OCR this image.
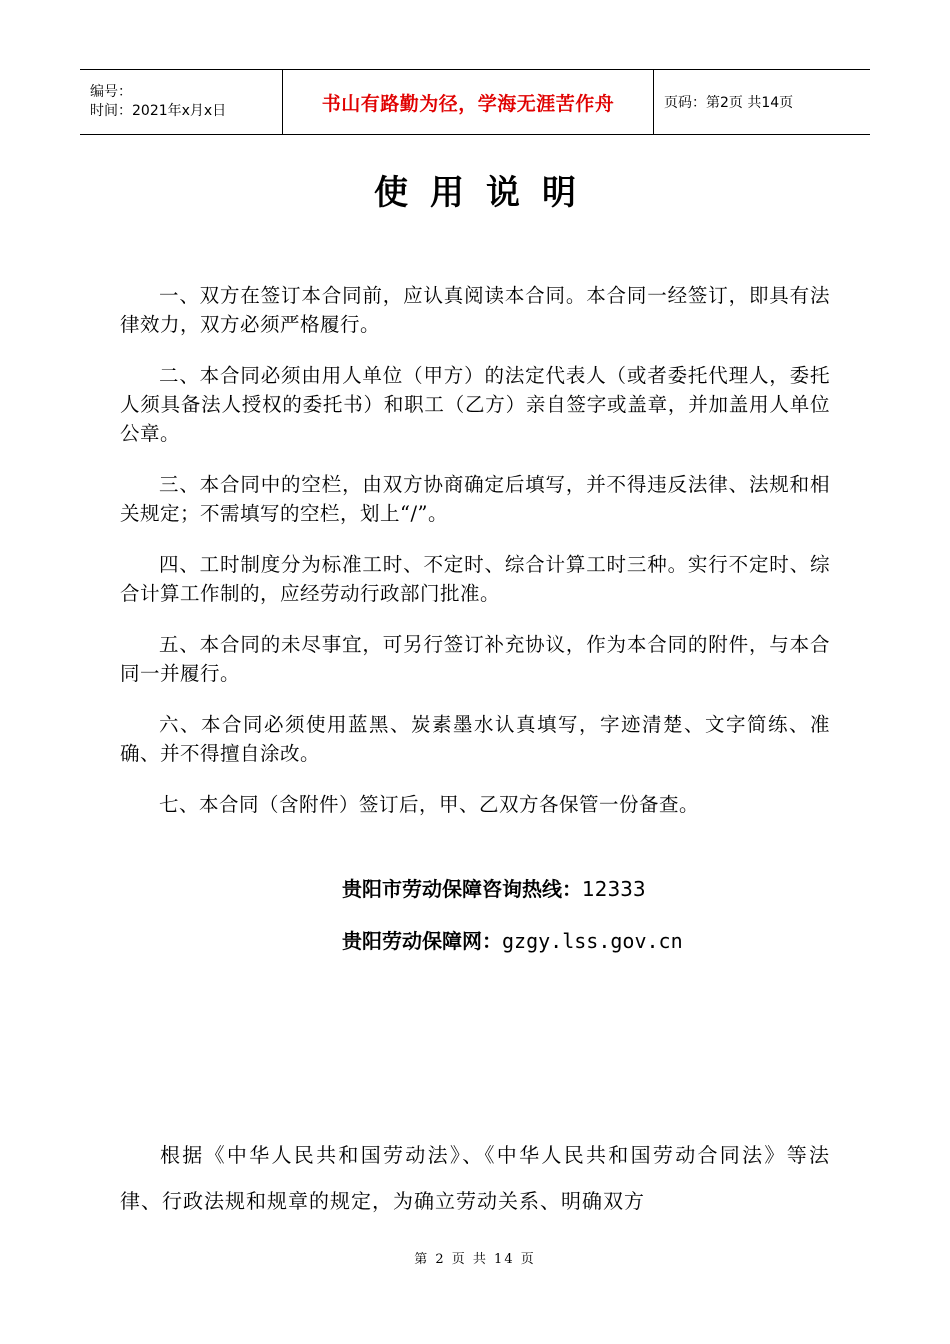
编号：
时间：2021年x月x日	书山有路勤为径，学海无涯苦作舟	页码：第2页 共14页
使用说明

一、双方在签订本合同前，应认真阅读本合同。本合同一经签订，即具有法律效力，双方必须严格履行。

二、本合同必须由用人单位（甲方）的法定代表人（或者委托代理人，委托人须具备法人授权的委托书）和职工（乙方）亲自签字或盖章，并加盖用人单位公章。

三、本合同中的空栏，由双方协商确定后填写，并不得违反法律、法规和相关规定；不需填写的空栏，划上“/”。

四、工时制度分为标准工时、不定时、综合计算工时三种。实行不定时、综合计算工作制的，应经劳动行政部门批准。

五、本合同的未尽事宜，可另行签订补充协议，作为本合同的附件，与本合同一并履行。

六、本合同必须使用蓝黑、炭素墨水认真填写，字迹清楚、文字简练、准确、并不得擅自涂改。

七、本合同（含附件）签订后，甲、乙双方各保管一份备查。

贵阳市劳动保障咨询热线：12333
贵阳劳动保障网：gzgy.lss.gov.cn
根据《中华人民共和国劳动法》、《中华人民共和国劳动合同法》等法律、行政法规和规章的规定，为确立劳动关系、明确双方
第 2 页 共 14 页
